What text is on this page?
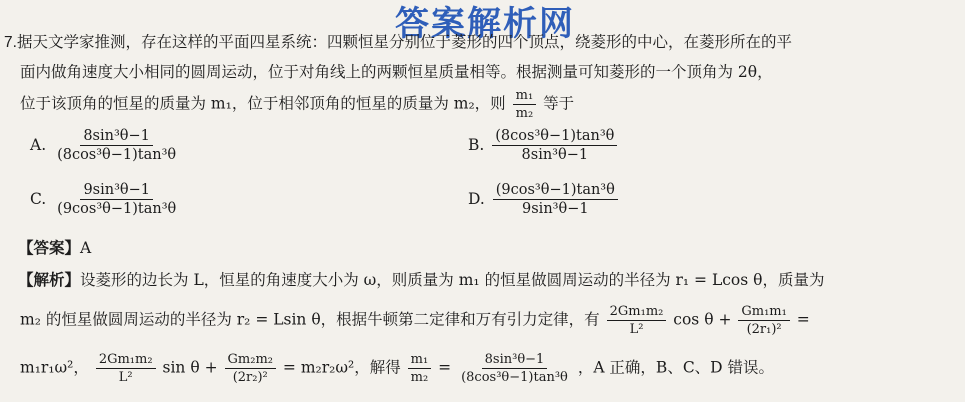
答案解析网
7.据天文学家推测，存在这样的平面四星系统：四颗恒星分别位于菱形的四个顶点，绕菱形的中心，在菱形所在的平
面内做角速度大小相同的圆周运动，位于对角线上的两颗恒星质量相等。根据测量可知菱形的一个顶角为 2θ，
位于该顶角的恒星的质量为 m₁，位于相邻顶角的恒星的质量为 m₂，则 $\frac{\text{m₁}}{\text{m₂}}$ 等于
A. $\frac{\text{8sin³θ−1}}{\text{(8cos³θ−1)tan³θ}}$	B. $\frac{\text{(8cos³θ−1)tan³θ}}{\text{8sin³θ−1}}$
C. $\frac{\text{9sin³θ−1}}{\text{(9cos³θ−1)tan³θ}}$	D. $\frac{\text{(9cos³θ−1)tan³θ}}{\text{9sin³θ−1}}$
【答案】A
【解析】设菱形的边长为 L，恒星的角速度大小为 ω，则质量为 m₁ 的恒星做圆周运动的半径为 r₁ = Lcos θ，质量为
m₂ 的恒星做圆周运动的半径为 r₂ = Lsin θ，根据牛顿第二定律和万有引力定律，有 $\frac{\text{2Gm₁m₂}}{\text{L²}}$ $\cos \theta + \frac{\text{Gm₁m₁}}{\text{(2r₁)²}}$ =
m₁r₁ω²， $\frac{\text{2Gm₁m₂}}{\text{L²}}$ $\sin \theta + \frac{\text{Gm₂m₂}}{\text{(2r₂)²}} = m_2r_2\omega^2$，解得 $\frac{\text{m₁}}{\text{m₂}} = \frac{\text{8sin³θ−1}}{\text{(8cos³θ−1)tan³θ}}$ ，A 正确，B、C、D 错误。
